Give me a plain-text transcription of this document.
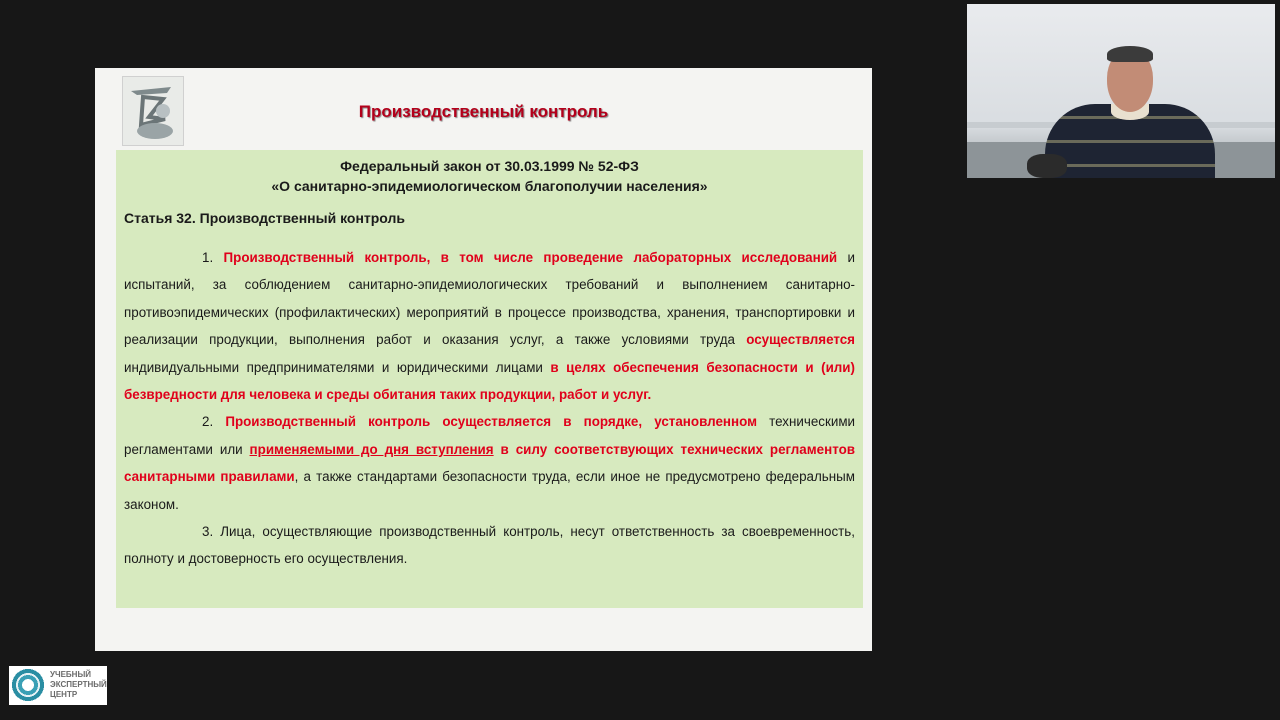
Производственный контроль
Федеральный закон от 30.03.1999 № 52-ФЗ
«О санитарно-эпидемиологическом благополучии населения»
Статья 32. Производственный контроль

1. Производственный контроль, в том числе проведение лабораторных исследований и испытаний, за соблюдением санитарно-эпидемиологических требований и выполнением санитарно-противоэпидемических (профилактических) мероприятий в процессе производства, хранения, транспортировки и реализации продукции, выполнения работ и оказания услуг, а также условиями труда осуществляется индивидуальными предпринимателями и юридическими лицами в целях обеспечения безопасности и (или) безвредности для человека и среды обитания таких продукции, работ и услуг.

2. Производственный контроль осуществляется в порядке, установленном техническими регламентами или применяемыми до дня вступления в силу соответствующих технических регламентов санитарными правилами, а также стандартами безопасности труда, если иное не предусмотрено федеральным законом.

3. Лица, осуществляющие производственный контроль, несут ответственность за своевременность, полноту и достоверность его осуществления.

УЧЕБНЫЙ
ЭКСПЕРТНЫЙ
ЦЕНТР
